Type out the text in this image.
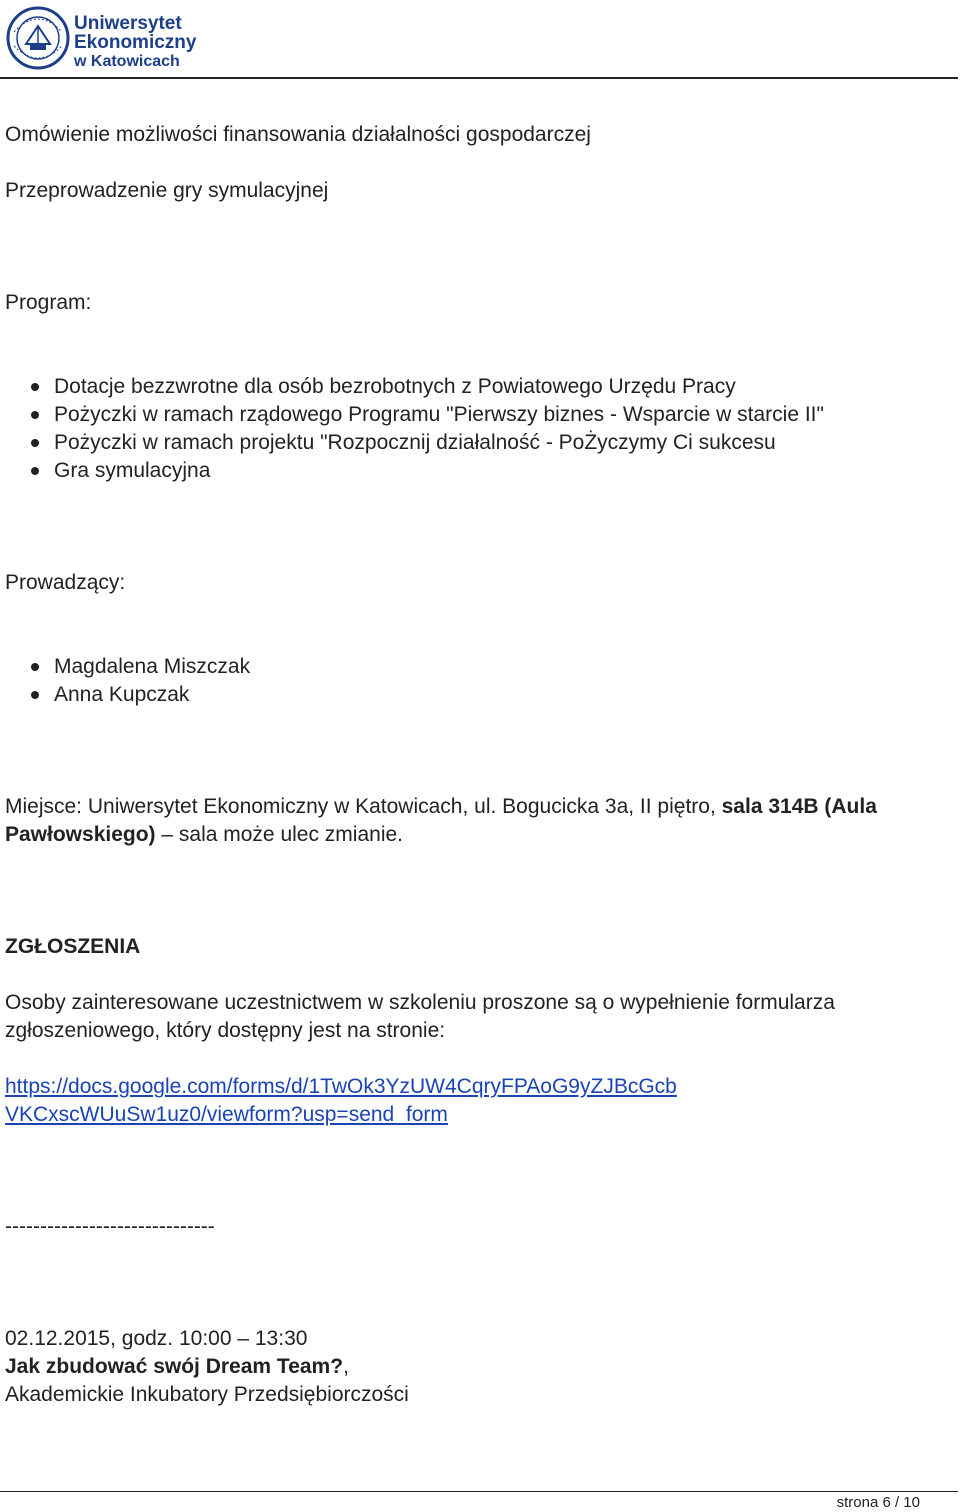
Uniwersytet
Ekonomiczny
w Katowicach

Omówienie możliwości finansowania działalności gospodarczej

Przeprowadzenie gry symulacyjnej

Program:

Dotacje bezzwrotne dla osób bezrobotnych z Powiatowego Urzędu Pracy
Pożyczki w ramach rządowego Programu "Pierwszy biznes - Wsparcie w starcie II"
Pożyczki w ramach projektu "Rozpocznij działalność - PoŻyczymy Ci sukcesu
Gra symulacyjna

Prowadzący:

Magdalena Miszczak
Anna Kupczak

Miejsce: Uniwersytet Ekonomiczny w Katowicach, ul. Bogucicka 3a, II piętro, sala 314B (Aula
Pawłowskiego) – sala może ulec zmianie.

ZGŁOSZENIA

Osoby zainteresowane uczestnictwem w szkoleniu proszone są o wypełnienie formularza

zgłoszeniowego, który dostępny jest na stronie:

https://docs.google.com/forms/d/1TwOk3YzUW4CqryFPAoG9yZJBcGcb
VKCxscWUuSw1uz0/viewform?usp=send_form

------------------------------

02.12.2015, godz. 10:00 – 13:30

Jak zbudować swój Dream Team?,

Akademickie Inkubatory Przedsiębiorczości

strona 6 / 10
